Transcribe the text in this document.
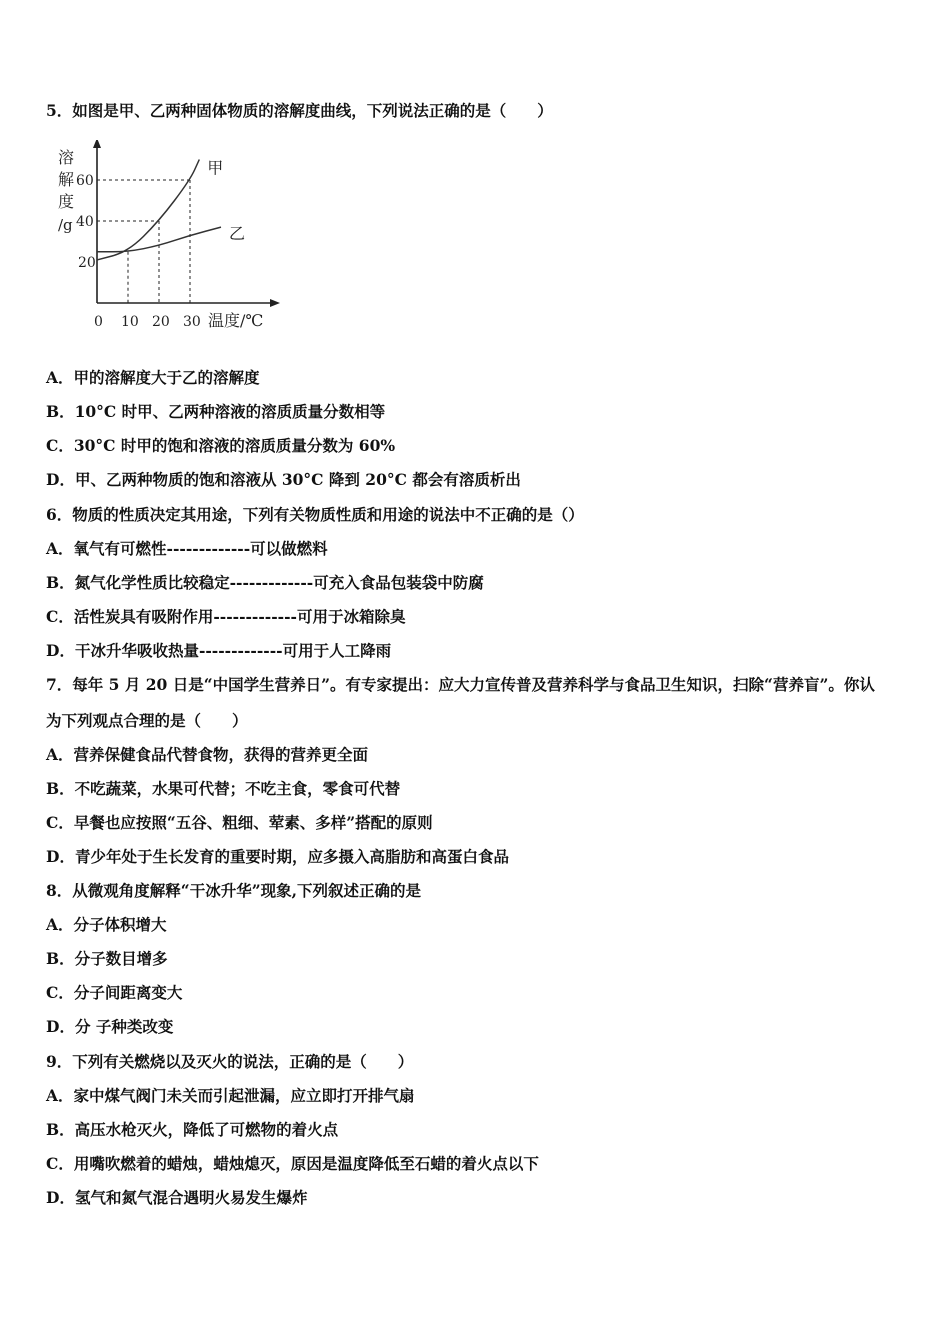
5．如图是甲、乙两种固体物质的溶解度曲线，下列说法正确的是（　　）
溶
解
度
/g
0 10 20 30
20
40
60
甲
乙
温度/℃
A．甲的溶解度大于乙的溶解度
B．10°C 时甲、乙两种溶液的溶质质量分数相等
C．30°C 时甲的饱和溶液的溶质质量分数为 60%
D．甲、乙两种物质的饱和溶液从 30°C 降到 20°C 都会有溶质析出
6．物质的性质决定其用途，下列有关物质性质和用途的说法中不正确的是（）
A．氧气有可燃性-------------可以做燃料
B．氮气化学性质比较稳定-------------可充入食品包装袋中防腐
C．活性炭具有吸附作用-------------可用于冰箱除臭
D．干冰升华吸收热量-------------可用于人工降雨
7．每年 5 月 20 日是“中国学生营养日”。有专家提出：应大力宣传普及营养科学与食品卫生知识，扫除“营养盲”。你认
为下列观点合理的是（　　）
A．营养保健食品代替食物，获得的营养更全面
B．不吃蔬菜，水果可代替；不吃主食，零食可代替
C．早餐也应按照“五谷、粗细、荤素、多样”搭配的原则
D．青少年处于生长发育的重要时期，应多摄入高脂肪和高蛋白食品
8．从微观角度解释“干冰升华”现象,下列叙述正确的是
A．分子体积增大
B．分子数目增多
C．分子间距离变大
D．分 子种类改变
9．下列有关燃烧以及灭火的说法，正确的是（　　）
A．家中煤气阀门未关而引起泄漏，应立即打开排气扇
B．高压水枪灭火，降低了可燃物的着火点
C．用嘴吹燃着的蜡烛，蜡烛熄灭，原因是温度降低至石蜡的着火点以下
D．氢气和氮气混合遇明火易发生爆炸
